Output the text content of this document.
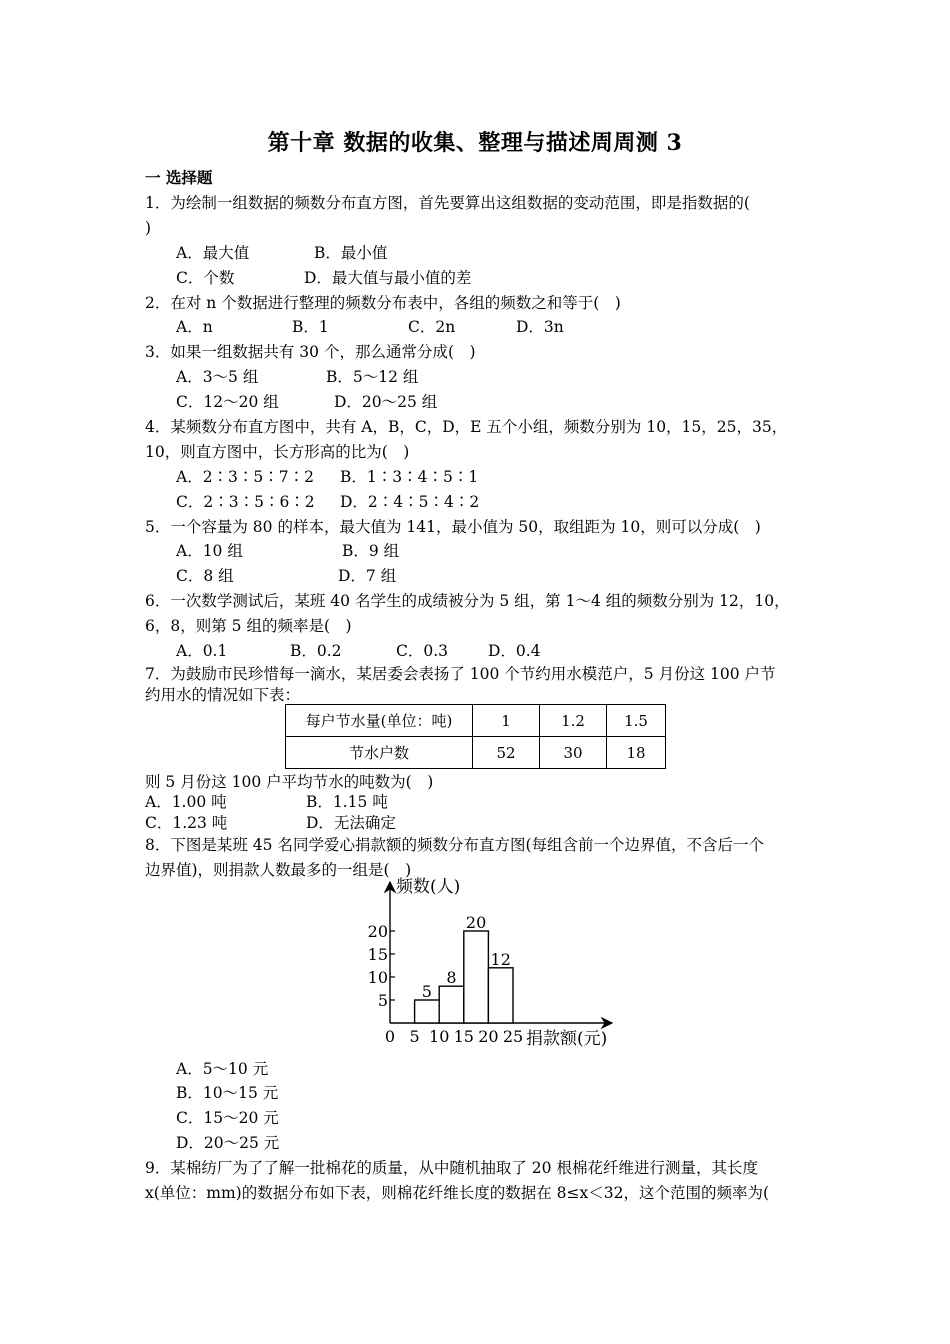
第十章 数据的收集、整理与描述周周测 3
一 选择题
1．为绘制一组数据的频数分布直方图，首先要算出这组数据的变动范围，即是指数据的(
)
A．最大值	B．最小值
C．个数	D．最大值与最小值的差
2．在对 n 个数据进行整理的频数分布表中，各组的频数之和等于(　)
A．n	B．1	C．2n	D．3n
3．如果一组数据共有 30 个，那么通常分成(　)
A．3～5 组	B．5～12 组
C．12～20 组	D．20～25 组
4．某频数分布直方图中，共有 A，B，C，D，E 五个小组，频数分别为 10，15，25，35，
10，则直方图中，长方形高的比为(　)
A．2∶3∶5∶7∶2 B．1∶3∶4∶5∶1
C．2∶3∶5∶6∶2 D．2∶4∶5∶4∶2
5．一个容量为 80 的样本，最大值为 141，最小值为 50，取组距为 10，则可以分成(　)
A．10 组	B．9 组
C．8 组	D．7 组
6．一次数学测试后，某班 40 名学生的成绩被分为 5 组，第 1～4 组的频数分别为 12，10，
6，8，则第 5 组的频率是(　)
A．0.1	B．0.2	C．0.3	D．0.4
7．为鼓励市民珍惜每一滴水，某居委会表扬了 100 个节约用水模范户，5 月份这 100 户节
约用水的情况如下表：
每户节水量(单位：吨)	1	1.2	1.5
节水户数	52	30	18
则 5 月份这 100 户平均节水的吨数为(　)
A．1.00 吨	B．1.15 吨
C．1.23 吨	D．无法确定
8．下图是某班 45 名同学爱心捐款额的频数分布直方图(每组含前一个边界值，不含后一个
边界值)，则捐款人数最多的一组是(　)
频数(人)
捐款额(元)
0 5 10 15 20 25
5
10
15
20
5
8
20
12
A．5～10 元
B．10～15 元
C．15～20 元
D．20～25 元
9．某棉纺厂为了了解一批棉花的质量，从中随机抽取了 20 根棉花纤维进行测量，其长度
x(单位：mm)的数据分布如下表，则棉花纤维长度的数据在 8≤x＜32，这个范围的频率为(
